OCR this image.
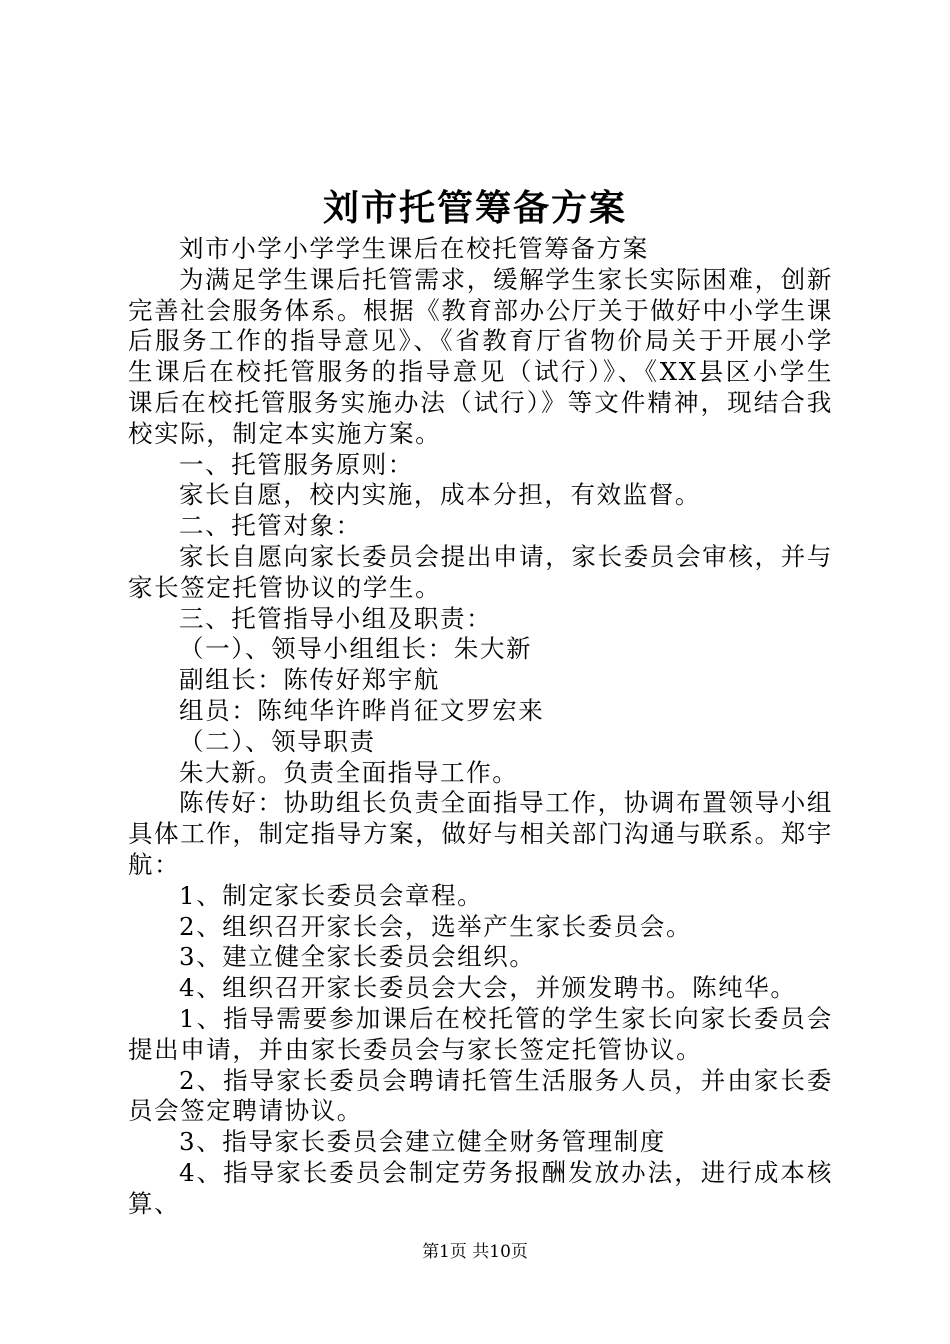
刘市托管筹备方案

刘市小学小学学生课后在校托管筹备方案

为满足学生课后托管需求，缓解学生家长实际困难，创新完善社会服务体系。根据《教育部办公厅关于做好中小学生课后服务工作的指导意见》、《省教育厅省物价局关于开展小学生课后在校托管服务的指导意见（试行）》、《XX县区小学生课后在校托管服务实施办法（试行）》等文件精神，现结合我校实际，制定本实施方案。

一、托管服务原则：

家长自愿，校内实施，成本分担，有效监督。

二、托管对象：

家长自愿向家长委员会提出申请，家长委员会审核，并与家长签定托管协议的学生。

三、托管指导小组及职责：

（一）、领导小组组长：朱大新

副组长：陈传好郑宇航

组员：陈纯华许晔肖征文罗宏来

（二）、领导职责

朱大新。负责全面指导工作。

陈传好：协助组长负责全面指导工作，协调布置领导小组具体工作，制定指导方案，做好与相关部门沟通与联系。郑宇航：

1、制定家长委员会章程。

2、组织召开家长会，选举产生家长委员会。

3、建立健全家长委员会组织。

4、组织召开家长委员会大会，并颁发聘书。陈纯华。

1、指导需要参加课后在校托管的学生家长向家长委员会提出申请，并由家长委员会与家长签定托管协议。

2、指导家长委员会聘请托管生活服务人员，并由家长委员会签定聘请协议。

3、指导家长委员会建立健全财务管理制度

4、指导家长委员会制定劳务报酬发放办法，进行成本核算、

第1页 共10页
